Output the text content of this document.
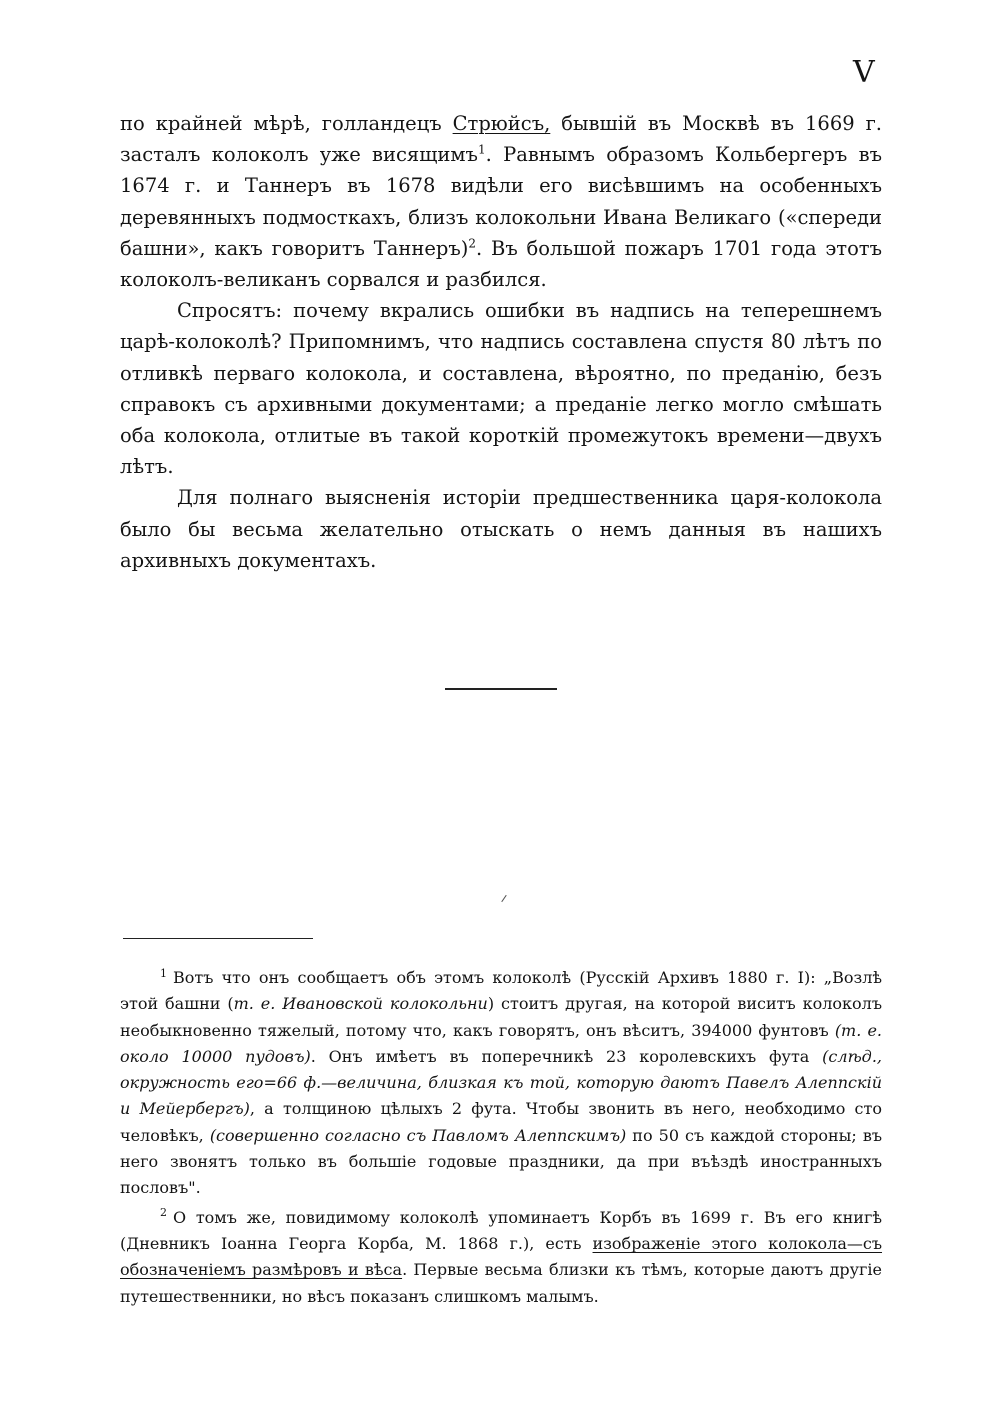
V

по крайней мѣрѣ, голландецъ Стрюйсъ, бывшій въ Москвѣ въ 1669 г. засталъ колоколъ уже висящимъ$^1$. Равнымъ образомъ Кольбергеръ въ 1674 г. и Таннеръ въ 1678 видѣли его висѣвшимъ на особенныхъ деревянныхъ подмосткахъ, близъ колокольни Ивана Великаго («спереди башни», какъ говоритъ Таннеръ)$^2$. Въ большой пожаръ 1701 года этотъ колоколъ-великанъ сорвался и разбился.

Спросятъ: почему вкрались ошибки въ надпись на теперешнемъ царѣ-колоколѣ? Припомнимъ, что надпись составлена спустя 80 лѣтъ по отливкѣ перваго колокола, и составлена, вѣроятно, по преданію, безъ справокъ съ архивными документами; а преданіе легко могло смѣшать оба колокола, отлитые въ такой короткій промежутокъ времени—двухъ лѣтъ.

Для полнаго выясненія исторіи предшественника царя-колокола было бы весьма желательно отыскать о немъ данныя въ нашихъ архивныхъ документахъ.

$^1$ Вотъ что онъ сообщаетъ объ этомъ колоколѣ (Русскій Архивъ 1880 г. I): „Возлѣ этой башни (т. е. Ивановской колокольни) стоитъ другая, на которой виситъ колоколъ необыкновенно тяжелый, потому что, какъ говорятъ, онъ вѣситъ, 394000 фунтовъ (т. е. около 10000 пудовъ). Онъ имѣетъ въ поперечникѣ 23 королевскихъ фута (слѣд., окружность его=66 ф.—величина, близкая къ той, которую даютъ Павелъ Алеппскій и Мейербергъ), а толщиною цѣлыхъ 2 фута. Чтобы звонить въ него, необходимо сто человѣкъ, (совершенно согласно съ Павломъ Алеппскимъ) по 50 съ каждой стороны; въ него звонятъ только въ большіе годовые праздники, да при въѣздѣ иностранныхъ пословъ".

$^2$ О томъ же, повидимому колоколѣ упоминаетъ Корбъ въ 1699 г. Въ его книгѣ (Дневникъ Іоанна Георга Корба, М. 1868 г.), есть изображеніе этого колокола—съ обозначеніемъ размѣровъ и вѣса. Первые весьма близки къ тѣмъ, которые даютъ другіе путешественники, но вѣсъ показанъ слишкомъ малымъ.
